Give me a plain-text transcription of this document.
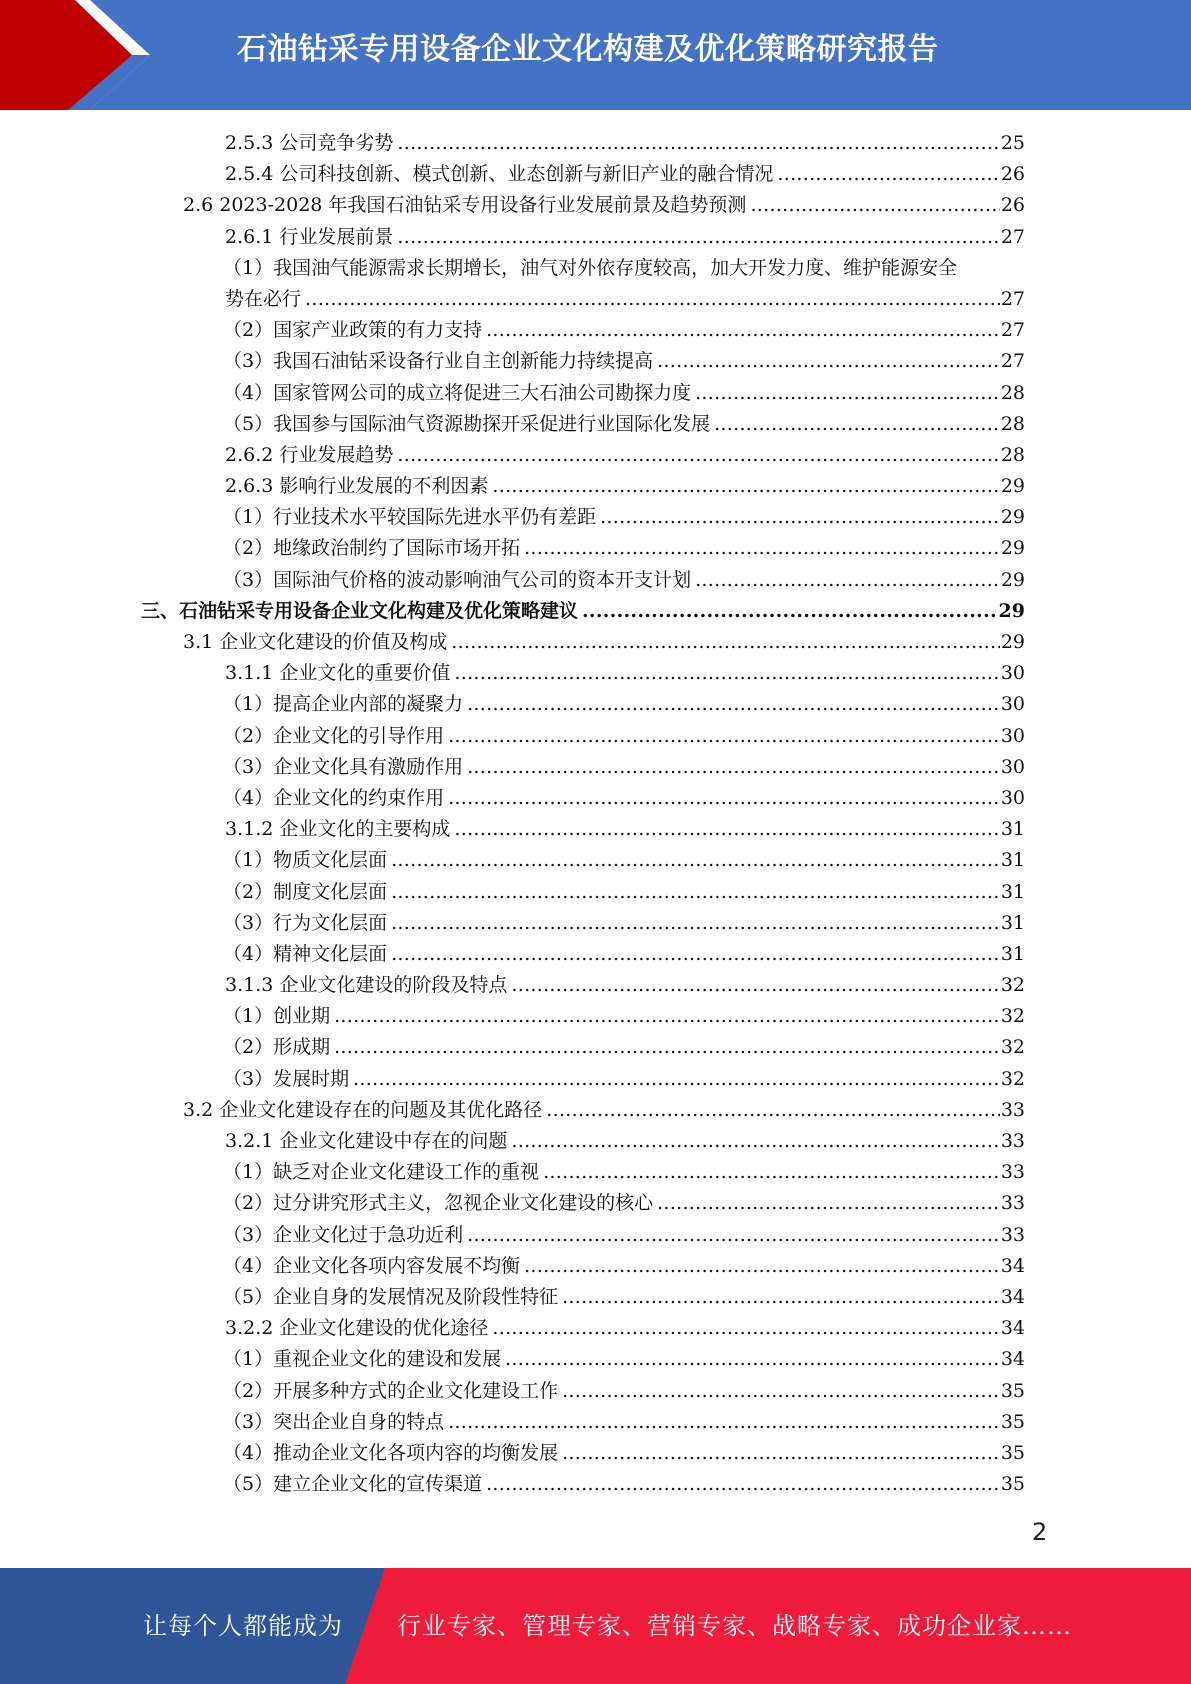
石油钻采专用设备企业文化构建及优化策略研究报告
2.5.3 公司竞争劣势 .....	25
2.5.4 公司科技创新、模式创新、业态创新与新旧产业的融合情况 .....	26
2.6 2023-2028 年我国石油钻采专用设备行业发展前景及趋势预测 .....	26
2.6.1 行业发展前景 .....	27
（1）我国油气能源需求长期增长，油气对外依存度较高，加大开发力度、维护能源安全
势在必行 .....	27
（2）国家产业政策的有力支持 .....	27
（3）我国石油钻采设备行业自主创新能力持续提高 .....	27
（4）国家管网公司的成立将促进三大石油公司勘探力度 .....	28
（5）我国参与国际油气资源勘探开采促进行业国际化发展 .....	28
2.6.2 行业发展趋势 .....	28
2.6.3 影响行业发展的不利因素 .....	29
（1）行业技术水平较国际先进水平仍有差距 .....	29
（2）地缘政治制约了国际市场开拓 .....	29
（3）国际油气价格的波动影响油气公司的资本开支计划 .....	29
三、石油钻采专用设备企业文化构建及优化策略建议 .....	29
3.1 企业文化建设的价值及构成 .....	29
3.1.1 企业文化的重要价值 .....	30
（1）提高企业内部的凝聚力 .....	30
（2）企业文化的引导作用 .....	30
（3）企业文化具有激励作用 .....	30
（4）企业文化的约束作用 .....	30
3.1.2 企业文化的主要构成 .....	31
（1）物质文化层面 .....	31
（2）制度文化层面 .....	31
（3）行为文化层面 .....	31
（4）精神文化层面 .....	31
3.1.3 企业文化建设的阶段及特点 .....	32
（1）创业期 .....	32
（2）形成期 .....	32
（3）发展时期 .....	32
3.2 企业文化建设存在的问题及其优化路径 .....	33
3.2.1 企业文化建设中存在的问题 .....	33
（1）缺乏对企业文化建设工作的重视 .....	33
（2）过分讲究形式主义，忽视企业文化建设的核心 .....	33
（3）企业文化过于急功近利 .....	33
（4）企业文化各项内容发展不均衡 .....	34
（5）企业自身的发展情况及阶段性特征 .....	34
3.2.2 企业文化建设的优化途径 .....	34
（1）重视企业文化的建设和发展 .....	34
（2）开展多种方式的企业文化建设工作 .....	35
（3）突出企业自身的特点 .....	35
（4）推动企业文化各项内容的均衡发展 .....	35
（5）建立企业文化的宣传渠道 .....	35
2
让每个人都能成为 行业专家、管理专家、营销专家、战略专家、成功企业家……
